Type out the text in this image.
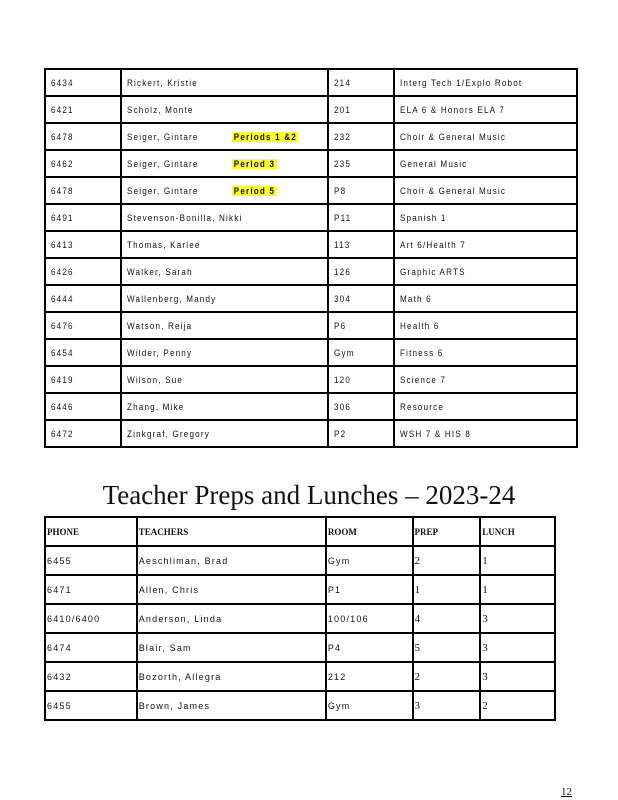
6434	Rickert, Kristie	214	Interg Tech 1/Explo Robot
6421	Scholz, Monte	201	ELA 6 & Honors ELA 7
6478	Seiger, Gintare Periods 1 &2	232	Choir & General Music
6462	Seiger, Gintare Period 3	235	General Music
6478	Seiger, Gintare Period 5	P8	Choir & General Music
6491	Stevenson-Bonilla, Nikki	P11	Spanish 1
6413	Thomas, Karlee	113	Art 6/Health 7
6426	Walker, Sarah	126	Graphic ARTS
6444	Wallenberg, Mandy	304	Math 6
6476	Watson, Reija	P6	Health 6
6454	Wilder, Penny	Gym	Fitness 6
6419	Wilson, Sue	120	Science 7
6446	Zhang, Mike	306	Resource
6472	Zinkgraf, Gregory	P2	WSH 7 & HIS 8
Teacher Preps and Lunches – 2023-24
PHONE	TEACHERS	ROOM	PREP	LUNCH
6455	Aeschliman, Brad	Gym	2	1
6471	Allen, Chris	P1	1	1
6410/6400	Anderson, Linda	100/106	4	3
6474	Blair, Sam	P4	5	3
6432	Bozorth, Allegra	212	2	3
6455	Brown, James	Gym	3	2
12
